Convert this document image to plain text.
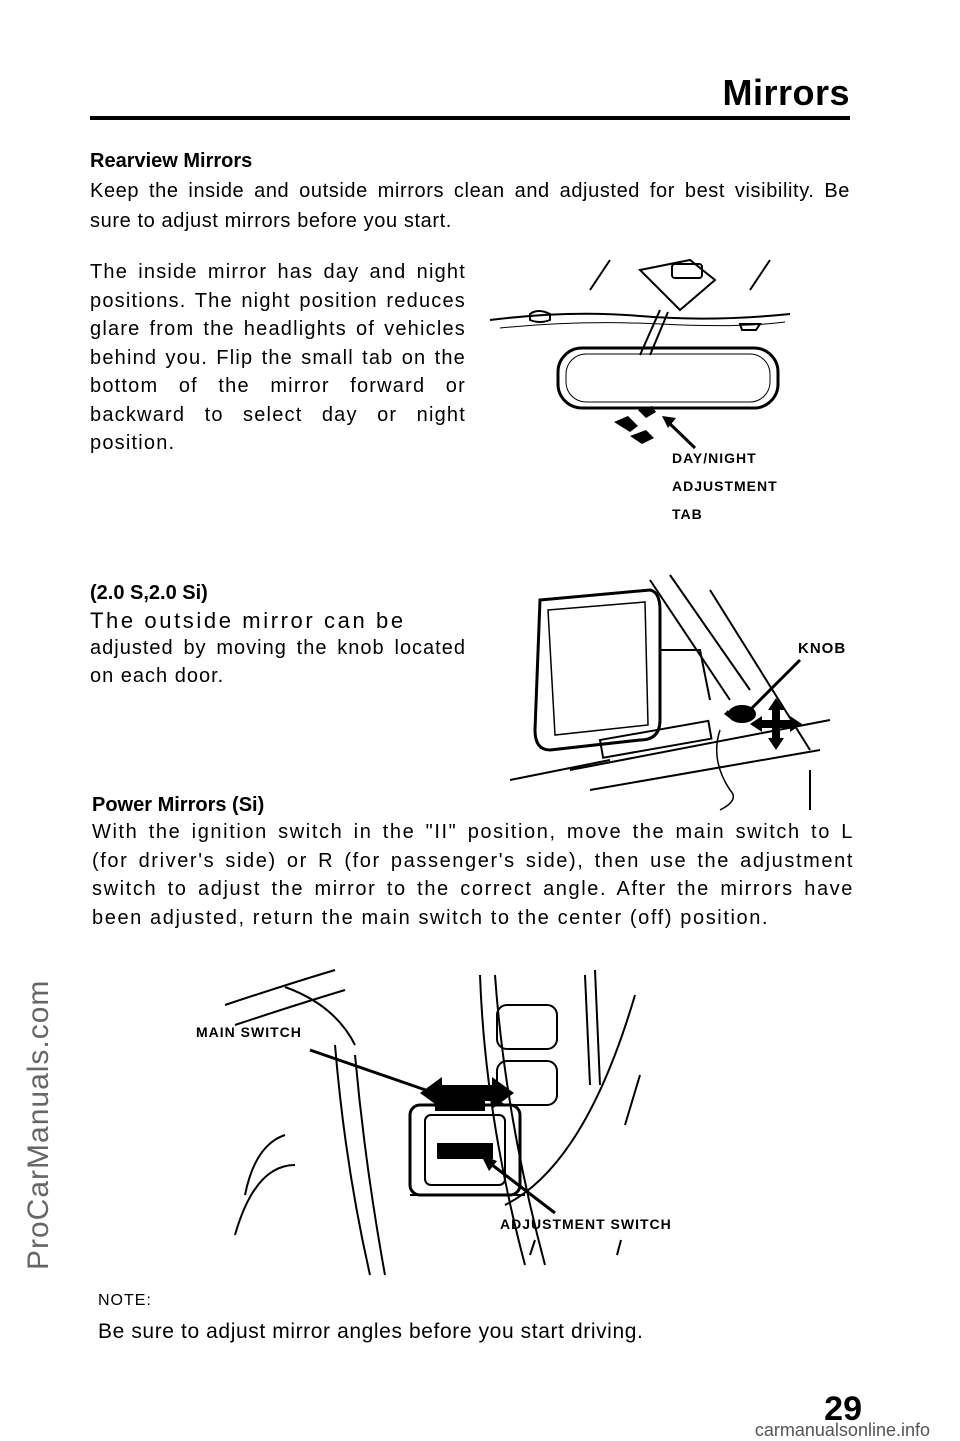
Mirrors
Rearview Mirrors
Keep the inside and outside mirrors clean and adjusted for best visibility. Be sure to adjust mirrors before you start.
The inside mirror has day and night positions. The night position reduces glare from the headlights of vehicles behind you. Flip the small tab on the bottom of the mirror forward or backward to select day or night position.
DAY/NIGHT
ADJUSTMENT
TAB
(2.0 S,2.0 Si)
The outside mirror can be
adjusted by moving the knob located on each door.
KNOB
Power Mirrors (Si)
With the ignition switch in the "II" position, move the main switch to L (for driver's side) or R (for passenger's side), then use the adjustment switch to adjust the mirror to the correct angle. After the mirrors have been adjusted, return the main switch to the center (off) position.
MAIN SWITCH
ADJUSTMENT SWITCH
NOTE:
Be sure to adjust mirror angles before you start driving.
29
ProCarManuals.com
carmanualsonline.info
